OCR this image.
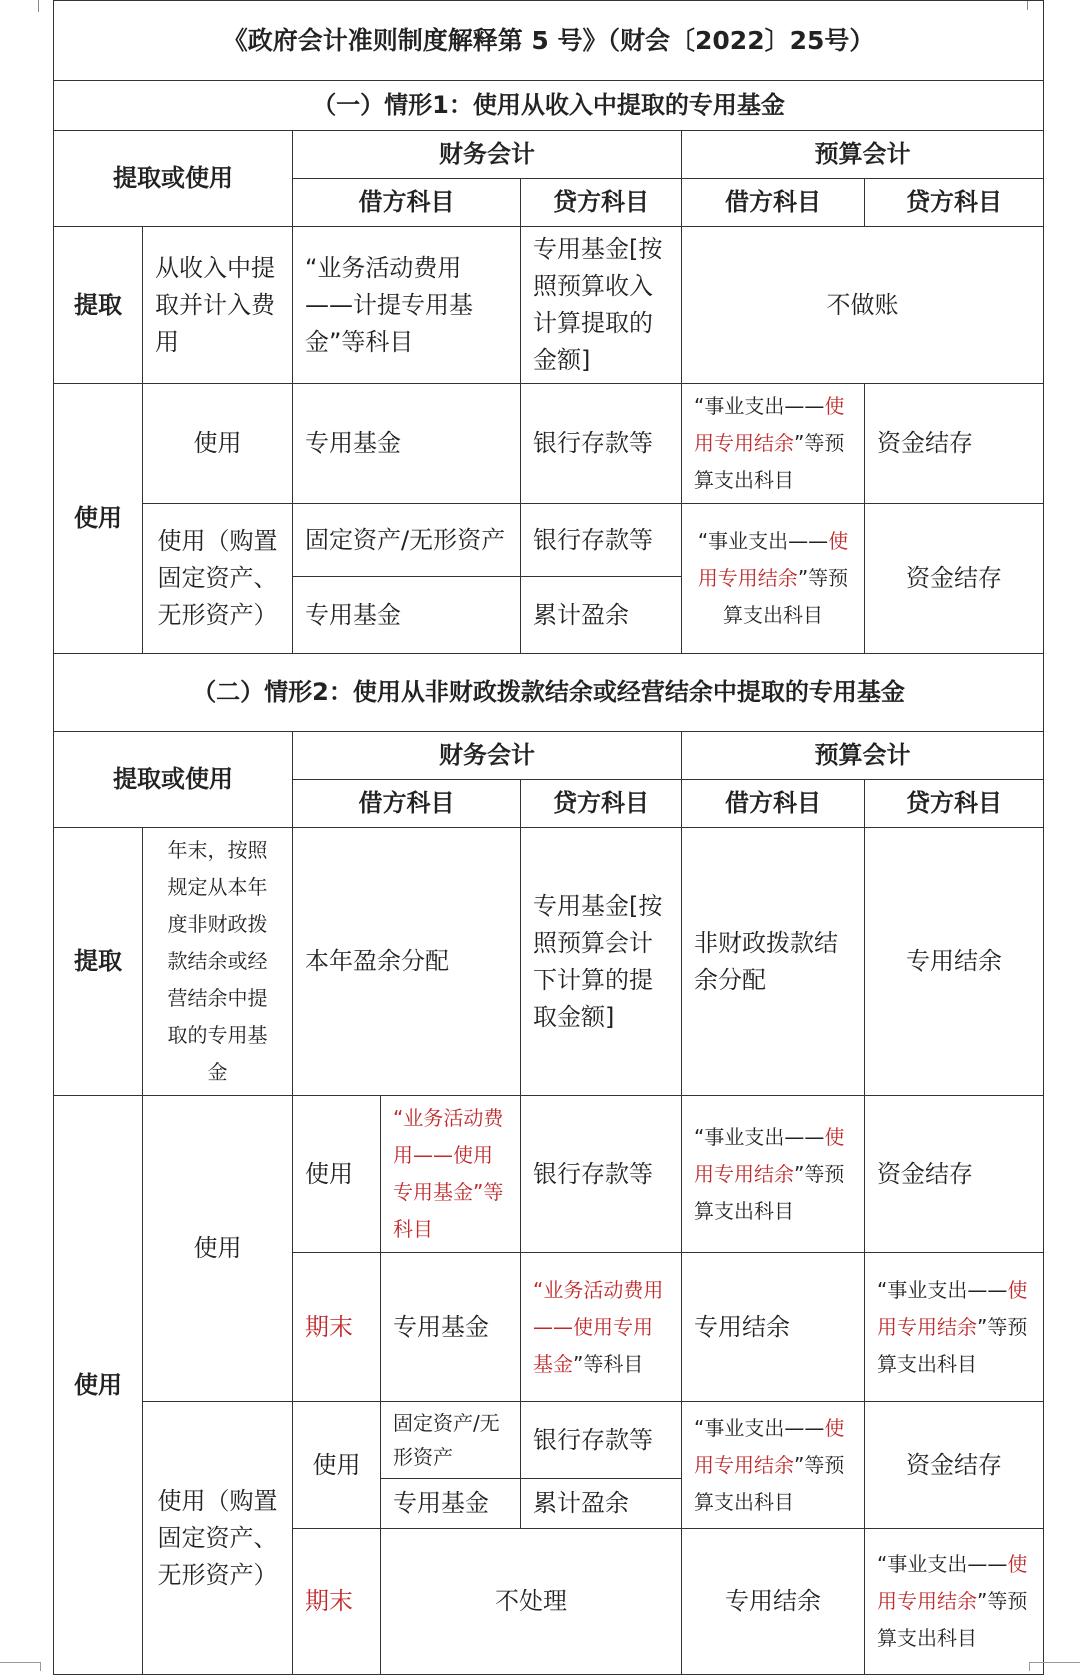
《政府会计准则制度解释第 5 号》（财会〔2022〕25号）						
（一）情形1：使用从收入中提取的专用基金						
提取或使用		财务会计			预算会计	
		借方科目		贷方科目	借方科目	贷方科目
提取	从收入中提取并计入费用	“业务活动费用——计提专用基金”等科目		专用基金[按照预算收入计算提取的金额]	不做账	
使用	使用	专用基金		银行存款等	“事业支出——使用专用结余”等预算支出科目	资金结存
	使用（购置固定资产、无形资产）	固定资产/无形资产		银行存款等	“事业支出——使用专用结余”等预算支出科目	资金结存
		专用基金		累计盈余		
（二）情形2：使用从非财政拨款结余或经营结余中提取的专用基金						
提取或使用		财务会计			预算会计	
		借方科目		贷方科目	借方科目	贷方科目
提取	年末，按照规定从本年度非财政拨款结余或经营结余中提取的专用基金	本年盈余分配		专用基金[按照预算会计下计算的提取金额]	非财政拨款结余分配	专用结余
使用	使用	使用	“业务活动费用——使用专用基金”等科目	银行存款等	“事业支出——使用专用结余”等预算支出科目	资金结存
		期末	专用基金	“业务活动费用——使用专用基金”等科目	专用结余	“事业支出——使用专用结余”等预算支出科目
	使用（购置固定资产、无形资产）	使用	固定资产/无形资产	银行存款等	“事业支出——使用专用结余”等预算支出科目	资金结存
			专用基金	累计盈余		
		期末	不处理		专用结余	“事业支出——使用专用结余”等预算支出科目
